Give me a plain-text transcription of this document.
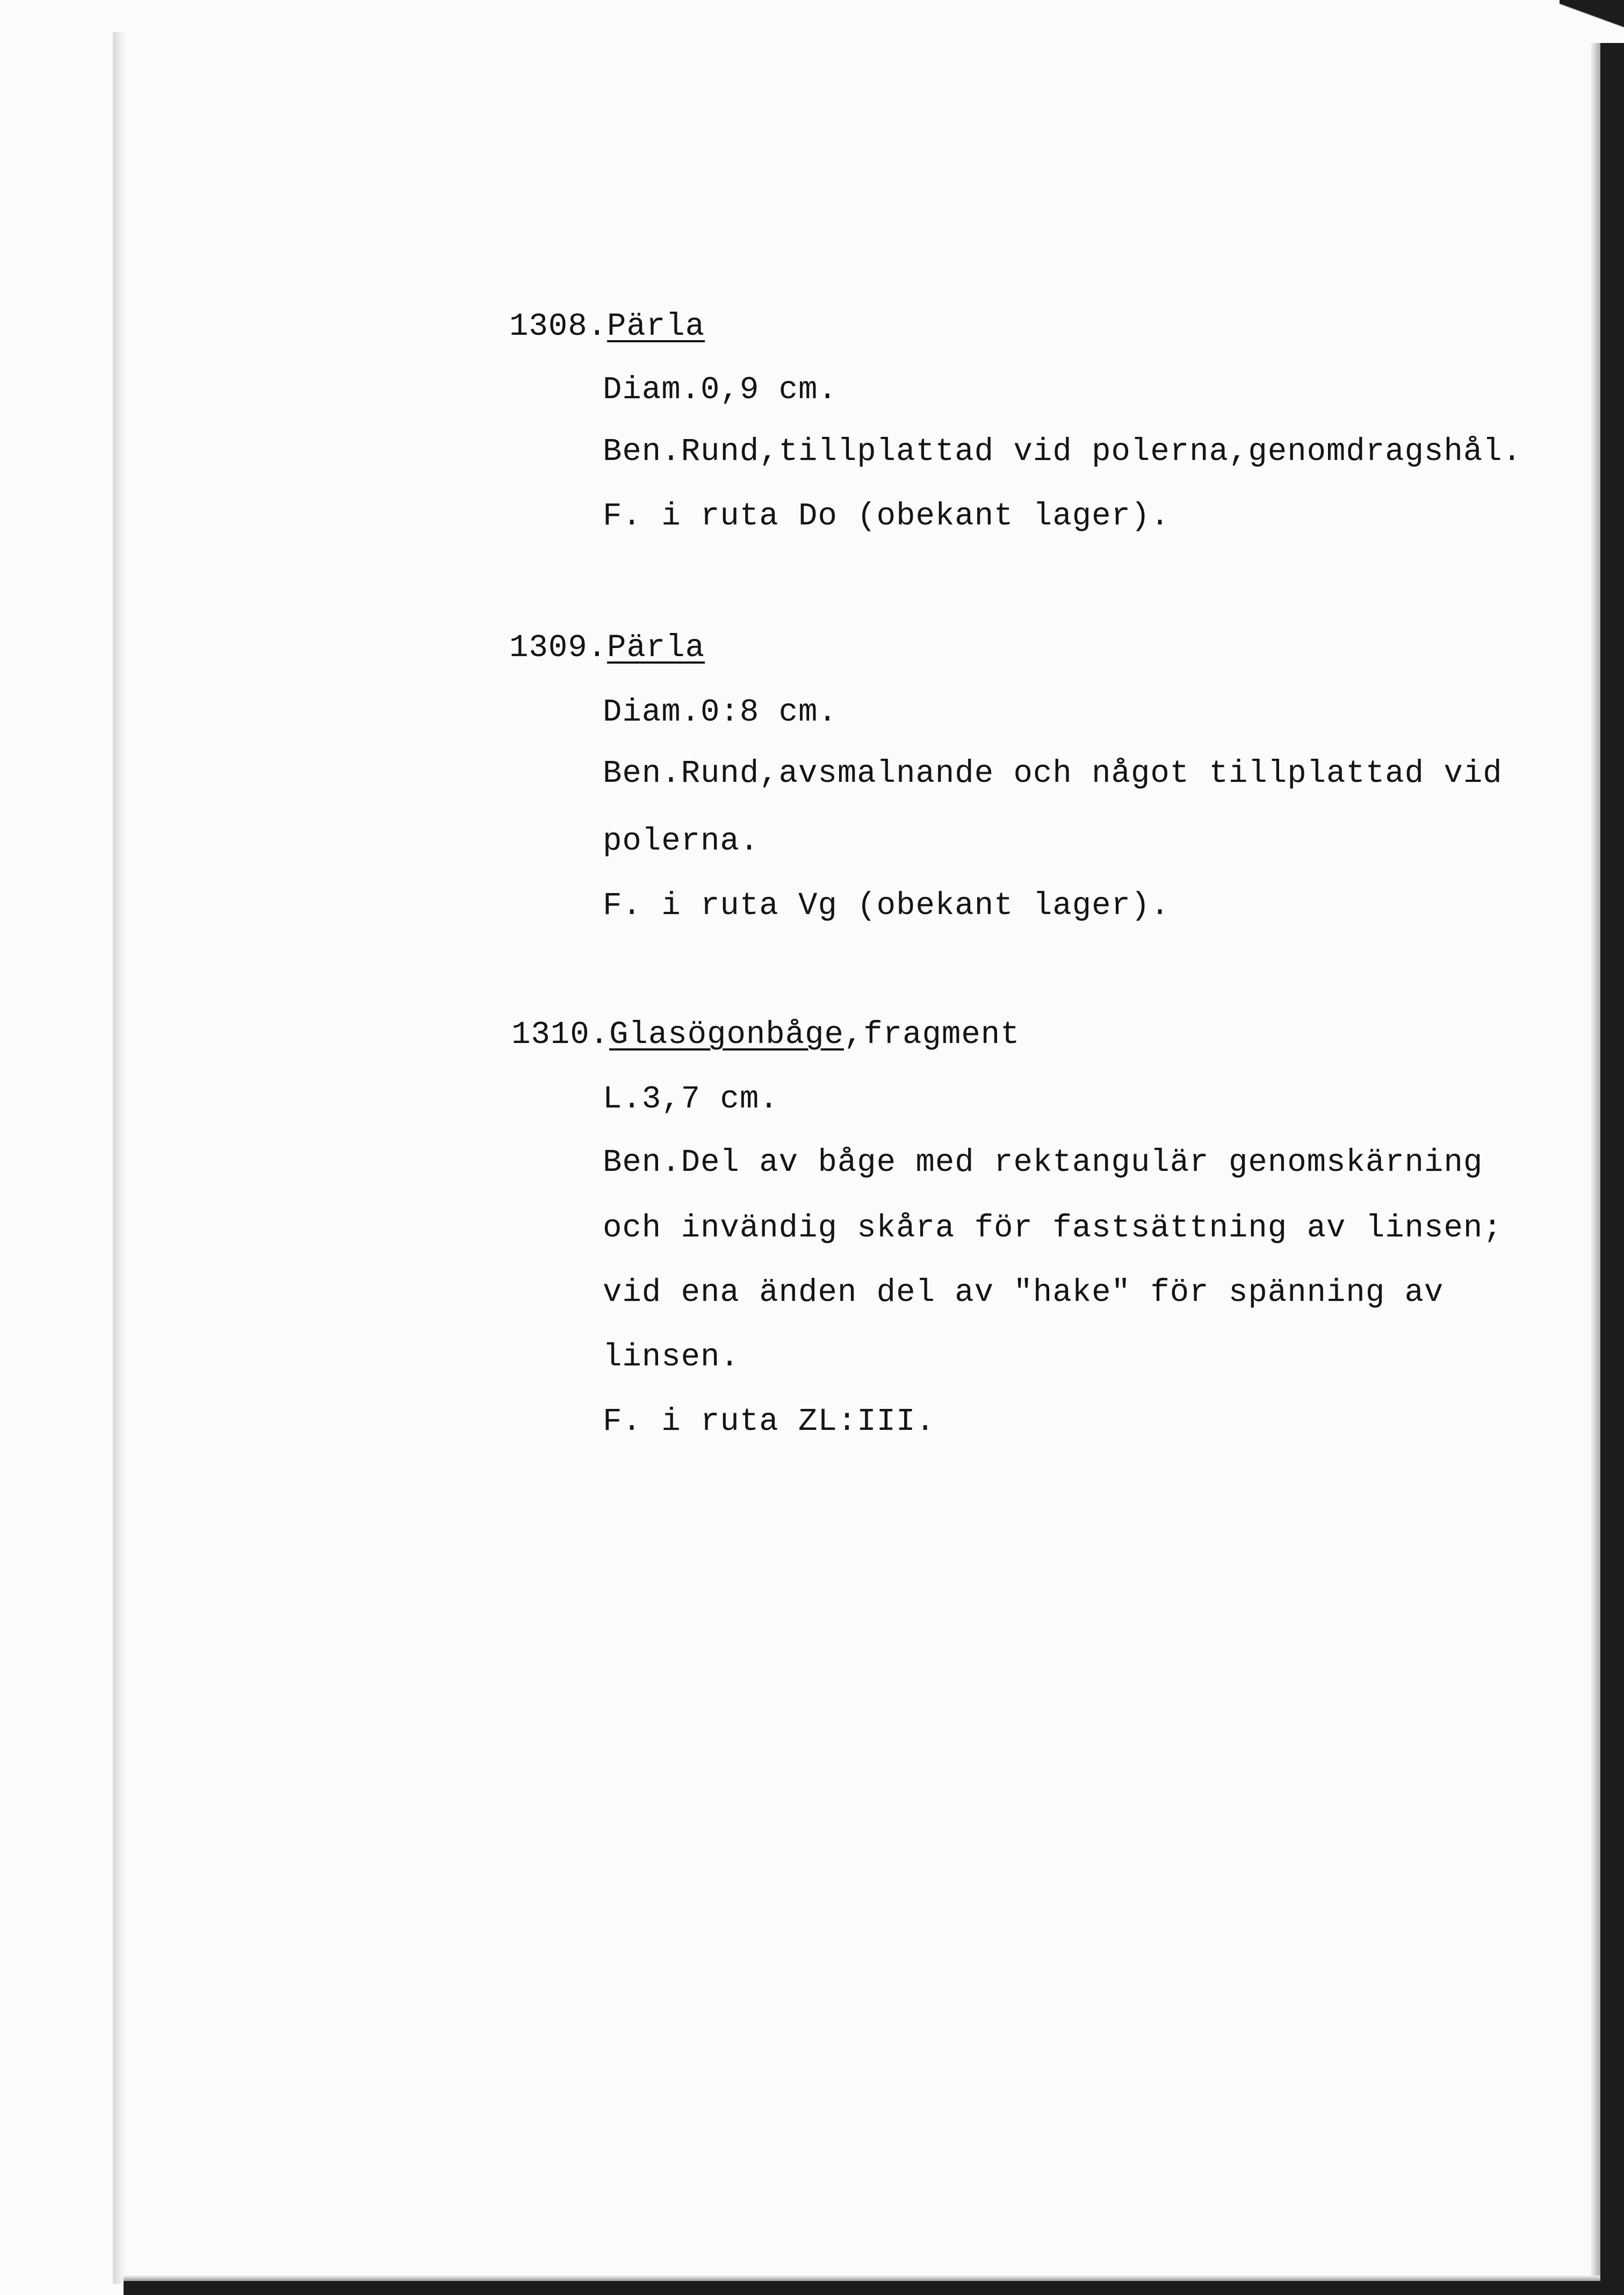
1308.Pärla
Diam.0,9 cm.
Ben.Rund,tillplattad vid polerna,genomdragshål.
F. i ruta Do (obekant lager).
1309.Pärla
Diam.0:8 cm.
Ben.Rund,avsmalnande och något tillplattad vid
polerna.
F. i ruta Vg (obekant lager).
1310.Glasögonbåge,fragment
L.3,7 cm.
Ben.Del av båge med rektangulär genomskärning
och invändig skåra för fastsättning av linsen;
vid ena änden del av "hake" för spänning av
linsen.
F. i ruta ZL:III.
